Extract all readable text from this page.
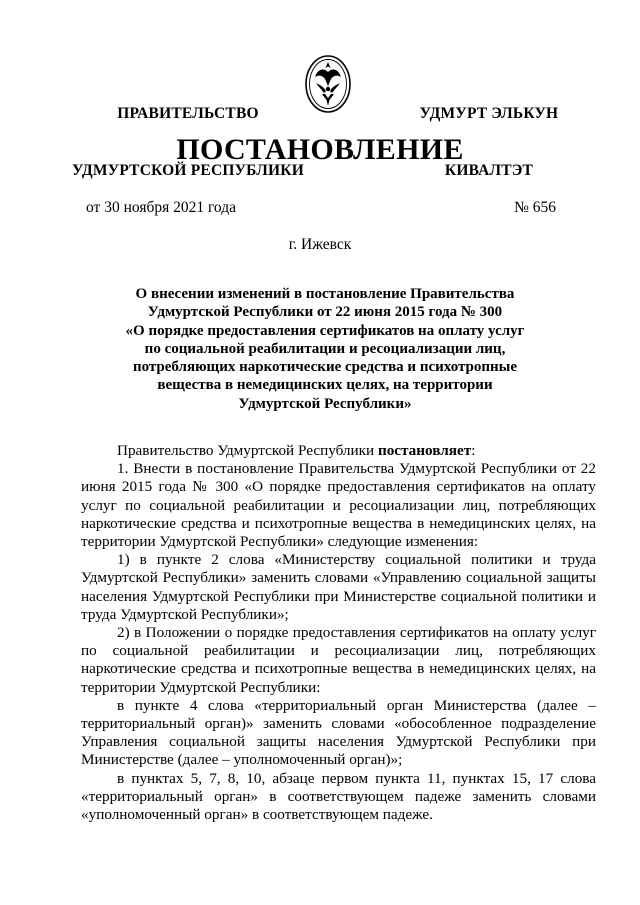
ПРАВИТЕЛЬСТВО

УДМУРТСКОЙ РЕСПУБЛИКИ

УДМУРТ ЭЛЬКУН

КИВАЛТЭТ

ПОСТАНОВЛЕНИЕ
от 30 ноября 2021 года	№ 656
г. Ижевск
О внесении изменений в постановление Правительства
Удмуртской Республики от 22 июня 2015 года № 300
«О порядке предоставления сертификатов на оплату услуг
по социальной реабилитации и ресоциализации лиц,
потребляющих наркотические средства и психотропные
вещества в немедицинских целях, на территории
Удмуртской Республики»

Правительство Удмуртской Республики постановляет:

1. Внести в постановление Правительства Удмуртской Республики от 22 июня 2015 года № 300 «О порядке предоставления сертификатов на оплату услуг по социальной реабилитации и ресоциализации лиц, потребляющих наркотические средства и психотропные вещества в немедицинских целях, на территории Удмуртской Республики» следующие изменения:

1) в пункте 2 слова «Министерству социальной политики и труда Удмуртской Республики» заменить словами «Управлению социальной защиты населения Удмуртской Республики при Министерстве социальной политики и труда Удмуртской Республики»;

2) в Положении о порядке предоставления сертификатов на оплату услуг по социальной реабилитации и ресоциализации лиц, потребляющих наркотические средства и психотропные вещества в немедицинских целях, на территории Удмуртской Республики:

в пункте 4 слова «территориальный орган Министерства (далее – территориальный орган)» заменить словами «обособленное подразделение Управления социальной защиты населения Удмуртской Республики при Министерстве (далее – уполномоченный орган)»;

в пунктах 5, 7, 8, 10, абзаце первом пункта 11, пунктах 15, 17 слова «территориальный орган» в соответствующем падеже заменить словами «уполномоченный орган» в соответствующем падеже.
